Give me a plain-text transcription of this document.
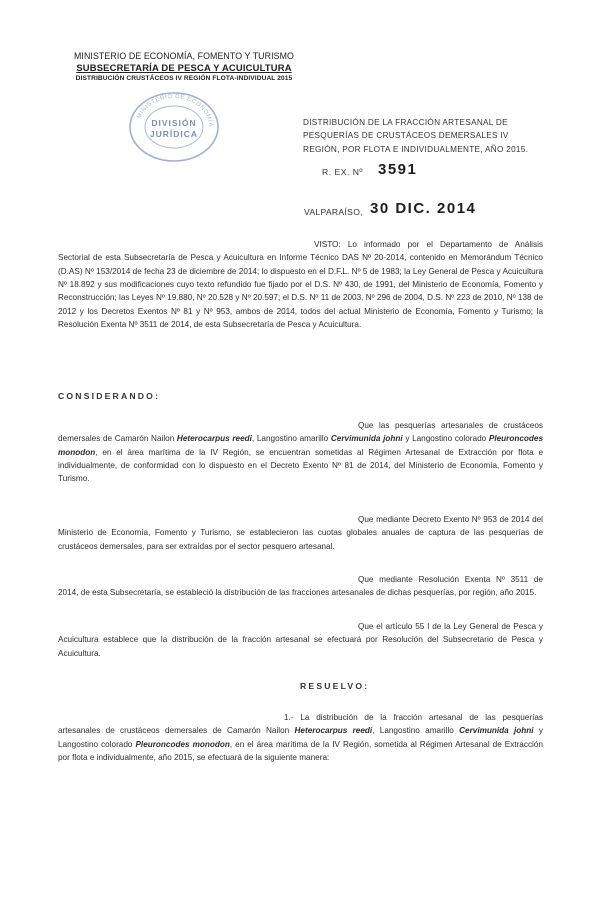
MINISTERIO DE ECONOMÍA, FOMENTO Y TURISMO
SUBSECRETARÍA DE PESCA Y ACUICULTURA
DISTRIBUCIÓN CRUSTÁCEOS IV REGIÓN FLOTA-INDIVIDUAL 2015
MINISTERIO DE ECONOMÍA
DIVISIÓN
JURÍDICA
DISTRIBUCIÓN DE LA FRACCIÓN ARTESANAL DE PESQUERÍAS DE CRUSTÁCEOS DEMERSALES IV REGIÓN, POR FLOTA E INDIVIDUALMENTE, AÑO 2015.
R. EX. Nº 3591
VALPARAÍSO, 30 DIC. 2014
VISTO: Lo informado por el Departamento de Análisis Sectorial de esta Subsecretaría de Pesca y Acuicultura en Informe Técnico DAS Nº 20-2014, contenido en Memorándum Técnico (D.AS) Nº 153/2014 de fecha 23 de diciembre de 2014; lo dispuesto en el D.F.L. Nº 5 de 1983; la Ley General de Pesca y Acuicultura Nº 18.892 y sus modificaciones cuyo texto refundido fue fijado por el D.S. Nº 430, de 1991, del Ministerio de Economía, Fomento y Reconstrucción; las Leyes Nº 19.880, Nº 20.528 y Nº 20.597; el D.S. Nº 11 de 2003, Nº 296 de 2004, D.S. Nº 223 de 2010, Nº 138 de 2012 y los Decretos Exentos Nº 81 y Nº 953, ambos de 2014, todos del actual Ministerio de Economía, Fomento y Turismo; la Resolución Exenta Nº 3511 de 2014, de esta Subsecretaría de Pesca y Acuicultura.
CONSIDERANDO:
Que las pesquerías artesanales de crustáceos demersales de Camarón Nailon Heterocarpus reedi, Langostino amarillo Cervimunida johni y Langostino colorado Pleuroncodes monodon, en el área marítima de la IV Región, se encuentran sometidas al Régimen Artesanal de Extracción por flota e individualmente, de conformidad con lo dispuesto en el Decreto Exento Nº 81 de 2014, del Ministerio de Economía, Fomento y Turismo.
Que mediante Decreto Exento Nº 953 de 2014 del Ministerio de Economía, Fomento y Turismo, se establecieron las cuotas globales anuales de captura de las pesquerías de crustáceos demersales, para ser extraídas por el sector pesquero artesanal.
Que mediante Resolución Exenta Nº 3511 de 2014, de esta Subsecretaría, se estableció la distribución de las fracciones artesanales de dichas pesquerías, por región, año 2015.
Que el artículo 55 I de la Ley General de Pesca y Acuicultura establece que la distribución de la fracción artesanal se efectuará por Resolución del Subsecretario de Pesca y Acuicultura.
RESUELVO:
1.- La distribución de la fracción artesanal de las pesquerías artesanales de crustáceos demersales de Camarón Nailon Heterocarpus reedi, Langostino amarillo Cervimunida johni y Langostino colorado Pleuroncodes monodon, en el área marítima de la IV Región, sometida al Régimen Artesanal de Extracción por flota e individualmente, año 2015, se efectuará de la siguiente manera:
